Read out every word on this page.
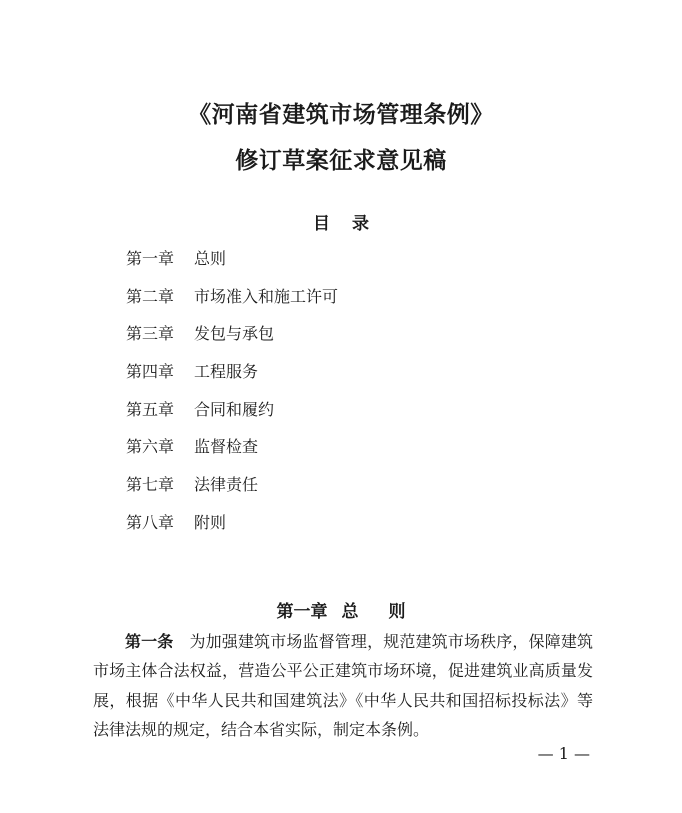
《河南省建筑市场管理条例》
修订草案征求意见稿
目录
第一章 总则
第二章 市场准入和施工许可
第三章 发包与承包
第四章 工程服务
第五章 合同和履约
第六章 监督检查
第七章 法律责任
第八章 附则
第一章 总 则

第一条 为加强建筑市场监督管理，规范建筑市场秩序，保障建筑市场主体合法权益，营造公平公正建筑市场环境，促进建筑业高质量发展，根据《中华人民共和国建筑法》《中华人民共和国招标投标法》等法律法规的规定，结合本省实际，制定本条例。

— 1 —
